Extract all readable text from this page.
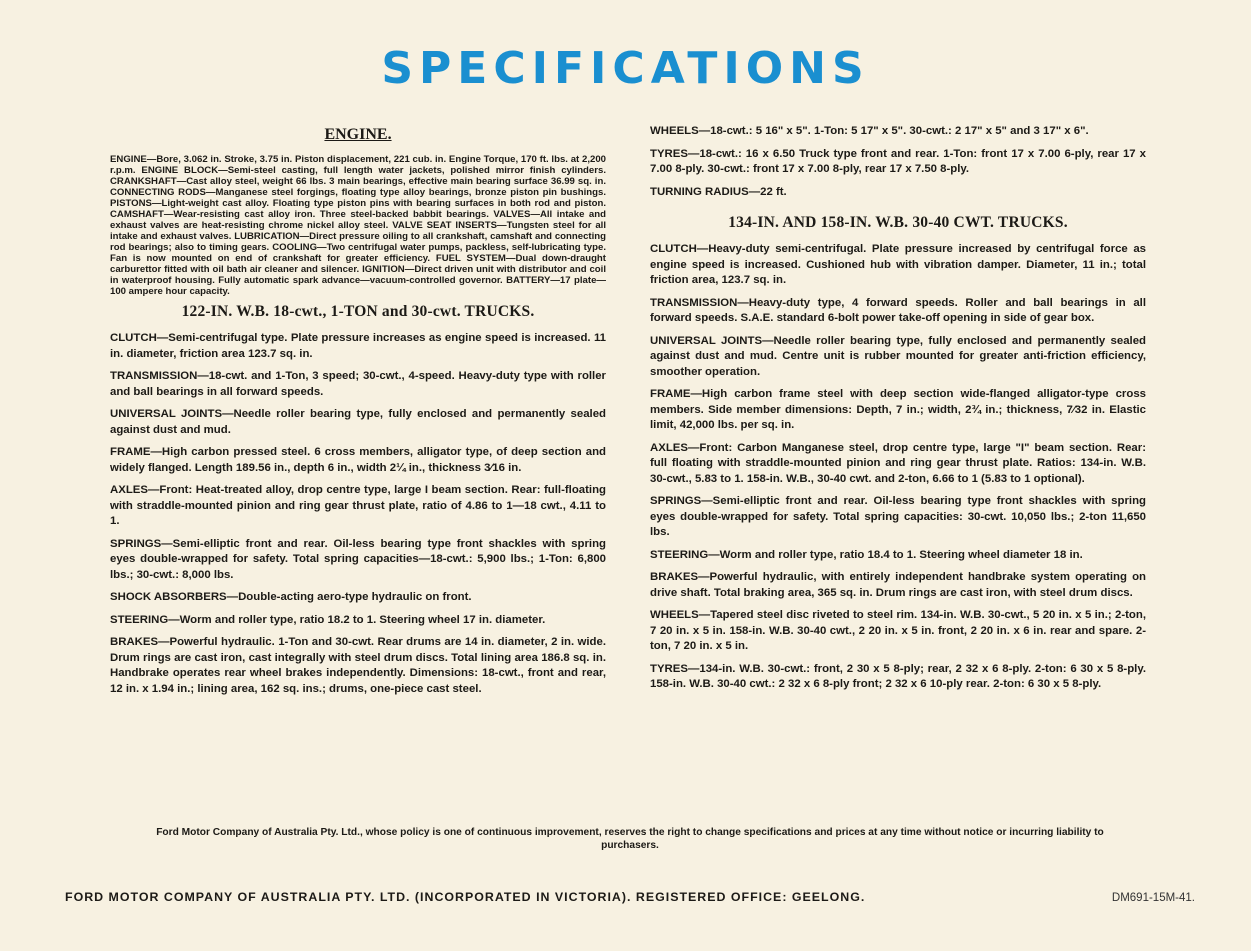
SPECIFICATIONS
ENGINE.

ENGINE—Bore, 3.062 in. Stroke, 3.75 in. Piston displacement, 221 cub. in. Engine Torque, 170 ft. lbs. at 2,200 r.p.m. ENGINE BLOCK—Semi-steel casting, full length water jackets, polished mirror finish cylinders. CRANKSHAFT—Cast alloy steel, weight 66 lbs. 3 main bearings, effective main bearing surface 36.99 sq. in. CONNECTING RODS—Manganese steel forgings, floating type alloy bearings, bronze piston pin bushings. PISTONS—Light-weight cast alloy. Floating type piston pins with bearing surfaces in both rod and piston. CAMSHAFT—Wear-resisting cast alloy iron. Three steel-backed babbit bearings. VALVES—All intake and exhaust valves are heat-resisting chrome nickel alloy steel. VALVE SEAT INSERTS—Tungsten steel for all intake and exhaust valves. LUBRICATION—Direct pressure oiling to all crankshaft, camshaft and connecting rod bearings; also to timing gears. COOLING—Two centrifugal water pumps, packless, self-lubricating type. Fan is now mounted on end of crankshaft for greater efficiency. FUEL SYSTEM—Dual down-draught carburettor fitted with oil bath air cleaner and silencer. IGNITION—Direct driven unit with distributor and coil in waterproof housing. Fully automatic spark advance—vacuum-controlled governor. BATTERY—17 plate—100 ampere hour capacity.

122-IN. W.B. 18-cwt., 1-TON and 30-cwt. TRUCKS.

CLUTCH—Semi-centrifugal type. Plate pressure increases as engine speed is increased. 11 in. diameter, friction area 123.7 sq. in.

TRANSMISSION—18-cwt. and 1-Ton, 3 speed; 30-cwt., 4-speed. Heavy-duty type with roller and ball bearings in all forward speeds.

UNIVERSAL JOINTS—Needle roller bearing type, fully enclosed and permanently sealed against dust and mud.

FRAME—High carbon pressed steel. 6 cross members, alligator type, of deep section and widely flanged. Length 189.56 in., depth 6 in., width 2¼ in., thickness 3⁄16 in.

AXLES—Front: Heat-treated alloy, drop centre type, large I beam section. Rear: full-floating with straddle-mounted pinion and ring gear thrust plate, ratio of 4.86 to 1—18 cwt., 4.11 to 1.

SPRINGS—Semi-elliptic front and rear. Oil-less bearing type front shackles with spring eyes double-wrapped for safety. Total spring capacities—18-cwt.: 5,900 lbs.; 1-Ton: 6,800 lbs.; 30-cwt.: 8,000 lbs.

SHOCK ABSORBERS—Double-acting aero-type hydraulic on front.

STEERING—Worm and roller type, ratio 18.2 to 1. Steering wheel 17 in. diameter.

BRAKES—Powerful hydraulic. 1-Ton and 30-cwt. Rear drums are 14 in. diameter, 2 in. wide. Drum rings are cast iron, cast integrally with steel drum discs. Total lining area 186.8 sq. in. Handbrake operates rear wheel brakes independently. Dimensions: 18-cwt., front and rear, 12 in. x 1.94 in.; lining area, 162 sq. ins.; drums, one-piece cast steel.

WHEELS—18-cwt.: 5 16" x 5". 1-Ton: 5 17" x 5". 30-cwt.: 2 17" x 5" and 3 17" x 6".

TYRES—18-cwt.: 16 x 6.50 Truck type front and rear. 1-Ton: front 17 x 7.00 6-ply, rear 17 x 7.00 8-ply. 30-cwt.: front 17 x 7.00 8-ply, rear 17 x 7.50 8-ply.

TURNING RADIUS—22 ft.

134-IN. AND 158-IN. W.B. 30-40 CWT. TRUCKS.

CLUTCH—Heavy-duty semi-centrifugal. Plate pressure increased by centrifugal force as engine speed is increased. Cushioned hub with vibration damper. Diameter, 11 in.; total friction area, 123.7 sq. in.

TRANSMISSION—Heavy-duty type, 4 forward speeds. Roller and ball bearings in all forward speeds. S.A.E. standard 6-bolt power take-off opening in side of gear box.

UNIVERSAL JOINTS—Needle roller bearing type, fully enclosed and permanently sealed against dust and mud. Centre unit is rubber mounted for greater anti-friction efficiency, smoother operation.

FRAME—High carbon frame steel with deep section wide-flanged alligator-type cross members. Side member dimensions: Depth, 7 in.; width, 2¾ in.; thickness, 7⁄32 in. Elastic limit, 42,000 lbs. per sq. in.

AXLES—Front: Carbon Manganese steel, drop centre type, large "I" beam section. Rear: full floating with straddle-mounted pinion and ring gear thrust plate. Ratios: 134-in. W.B. 30-cwt., 5.83 to 1. 158-in. W.B., 30-40 cwt. and 2-ton, 6.66 to 1 (5.83 to 1 optional).

SPRINGS—Semi-elliptic front and rear. Oil-less bearing type front shackles with spring eyes double-wrapped for safety. Total spring capacities: 30-cwt. 10,050 lbs.; 2-ton 11,650 lbs.

STEERING—Worm and roller type, ratio 18.4 to 1. Steering wheel diameter 18 in.

BRAKES—Powerful hydraulic, with entirely independent handbrake system operating on drive shaft. Total braking area, 365 sq. in. Drum rings are cast iron, with steel drum discs.

WHEELS—Tapered steel disc riveted to steel rim. 134-in. W.B. 30-cwt., 5 20 in. x 5 in.; 2-ton, 7 20 in. x 5 in. 158-in. W.B. 30-40 cwt., 2 20 in. x 5 in. front, 2 20 in. x 6 in. rear and spare. 2-ton, 7 20 in. x 5 in.

TYRES—134-in. W.B. 30-cwt.: front, 2 30 x 5 8-ply; rear, 2 32 x 6 8-ply. 2-ton: 6 30 x 5 8-ply. 158-in. W.B. 30-40 cwt.: 2 32 x 6 8-ply front; 2 32 x 6 10-ply rear. 2-ton: 6 30 x 5 8-ply.

Ford Motor Company of Australia Pty. Ltd., whose policy is one of continuous improvement, reserves the right to change specifications and prices at any time without notice or incurring liability to purchasers.
FORD MOTOR COMPANY OF AUSTRALIA PTY. LTD. (INCORPORATED IN VICTORIA). REGISTERED OFFICE: GEELONG.	DM691-15M-41.
